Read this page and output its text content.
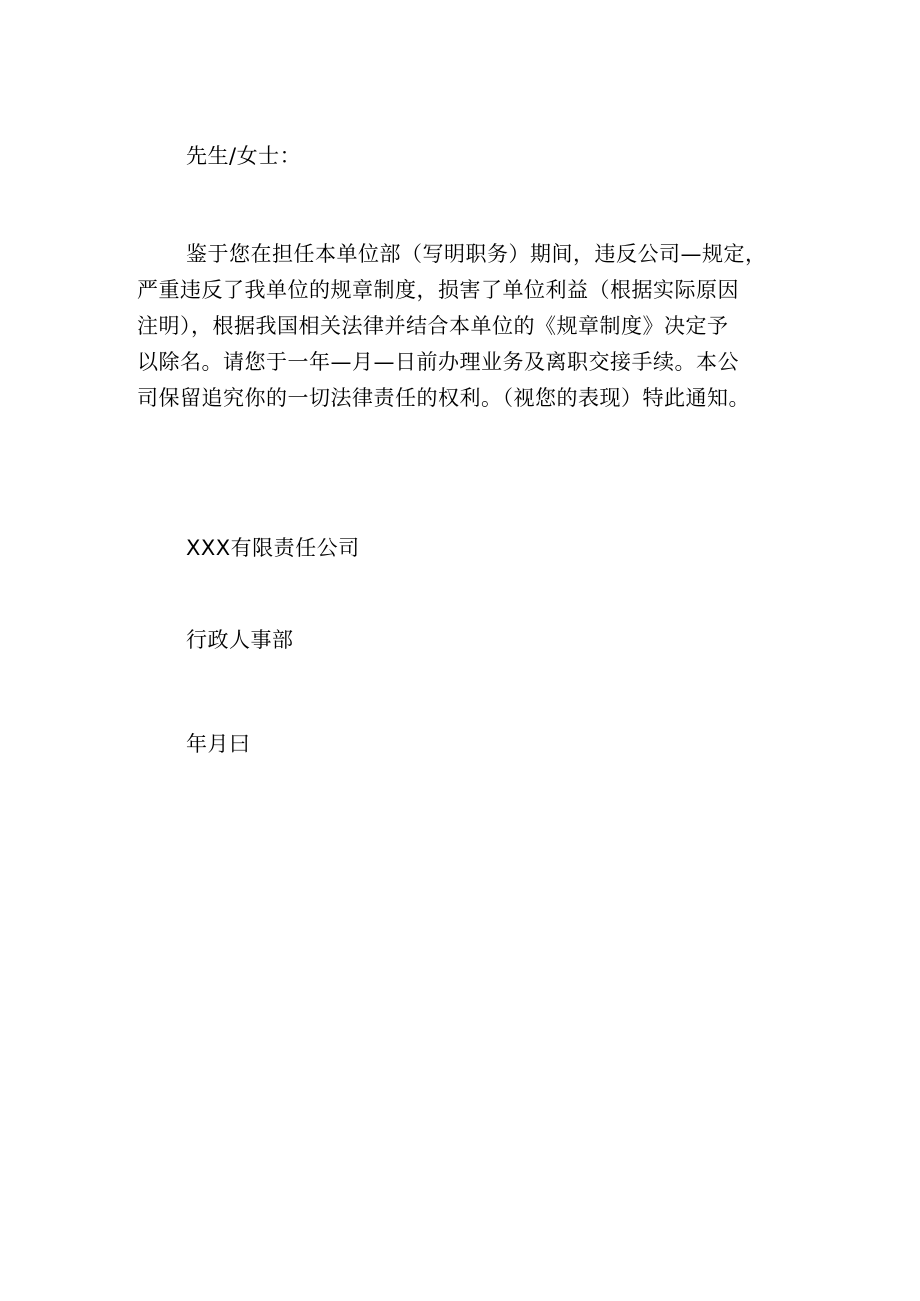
先生/女士：
鉴于您在担任本单位部（写明职务）期间，违反公司—规定，
严重违反了我单位的规章制度，损害了单位利益（根据实际原因
注明），根据我国相关法律并结合本单位的《规章制度》决定予
以除名。请您于一年—月—日前办理业务及离职交接手续。本公
司保留追究你的一切法律责任的权利。（视您的表现）特此通知。
XXX有限责任公司
行政人事部
年月曰
